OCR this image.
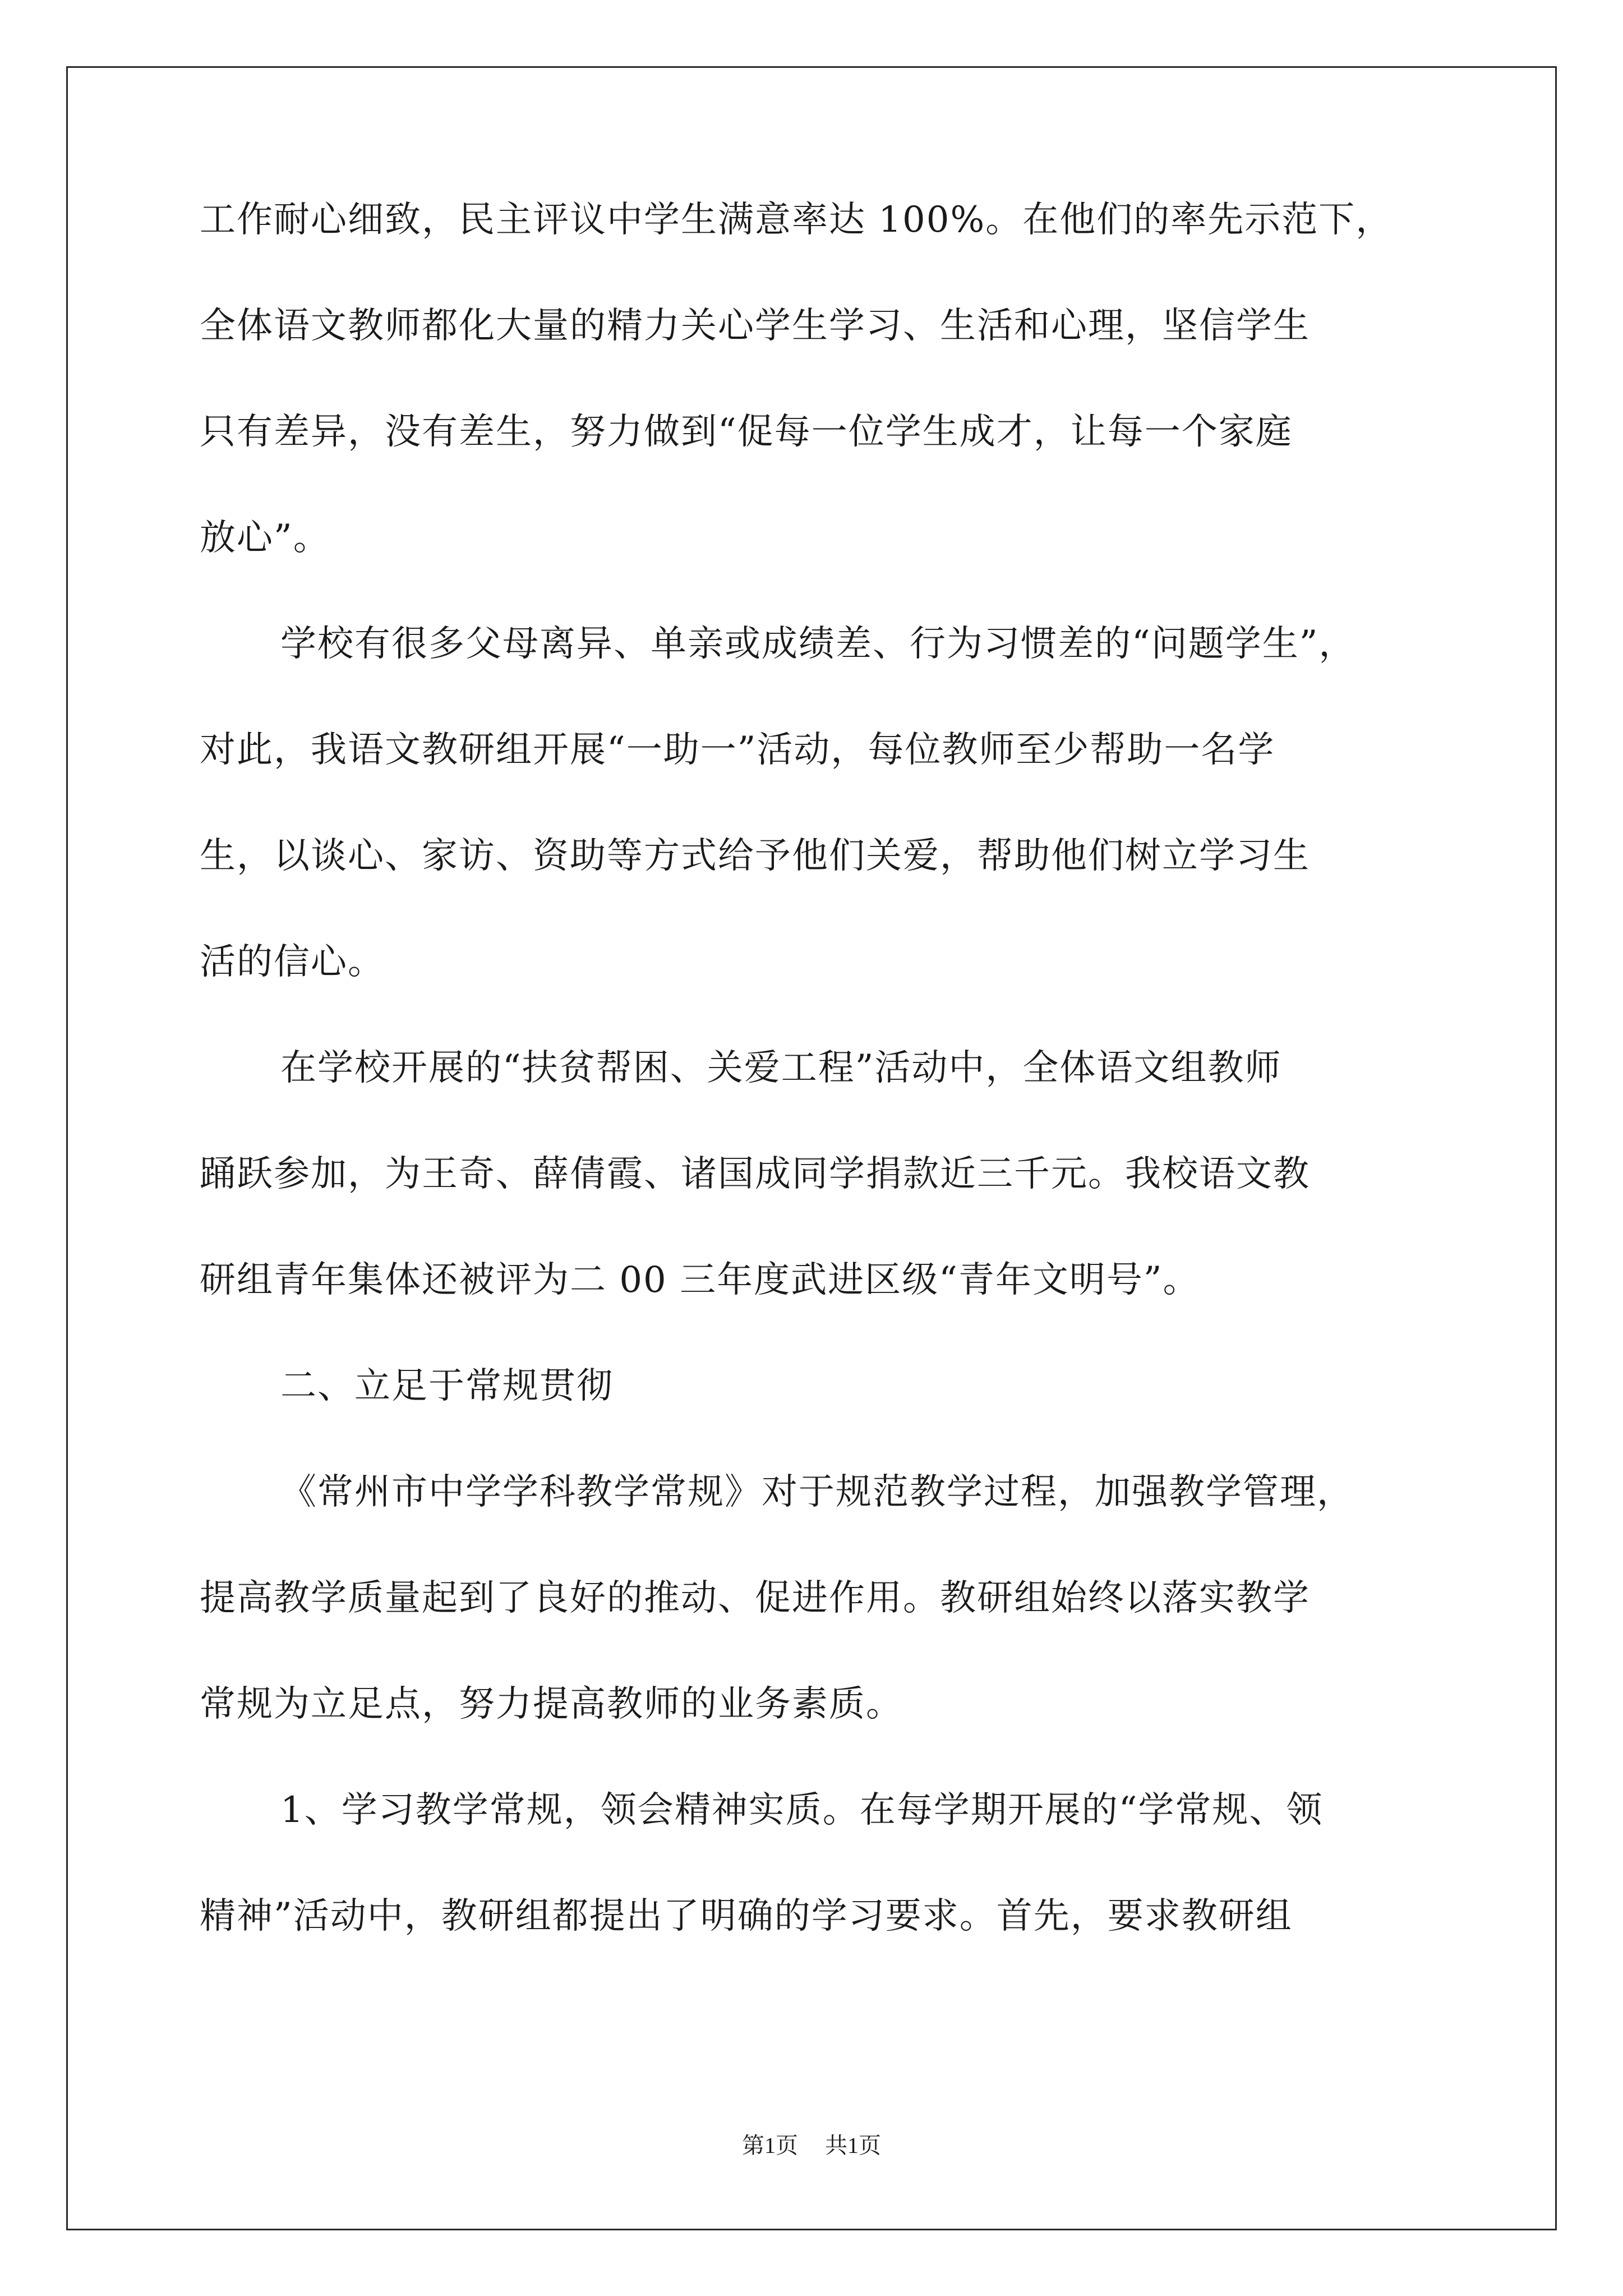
工作耐心细致，民主评议中学生满意率达 100%。在他们的率先示范下，
全体语文教师都化大量的精力关心学生学习、生活和心理，坚信学生
只有差异，没有差生，努力做到“促每一位学生成才，让每一个家庭
放心”。
学校有很多父母离异、单亲或成绩差、行为习惯差的“问题学生”，
对此，我语文教研组开展“一助一”活动，每位教师至少帮助一名学
生，以谈心、家访、资助等方式给予他们关爱，帮助他们树立学习生
活的信心。
在学校开展的“扶贫帮困、关爱工程”活动中，全体语文组教师
踊跃参加，为王奇、薛倩霞、诸国成同学捐款近三千元。我校语文教
研组青年集体还被评为二 00 三年度武进区级“青年文明号”。
二、立足于常规贯彻
《常州市中学学科教学常规》对于规范教学过程，加强教学管理，
提高教学质量起到了良好的推动、促进作用。教研组始终以落实教学
常规为立足点，努力提高教师的业务素质。
1、学习教学常规，领会精神实质。在每学期开展的“学常规、领
精神”活动中，教研组都提出了明确的学习要求。首先，要求教研组
第1页 共1页
